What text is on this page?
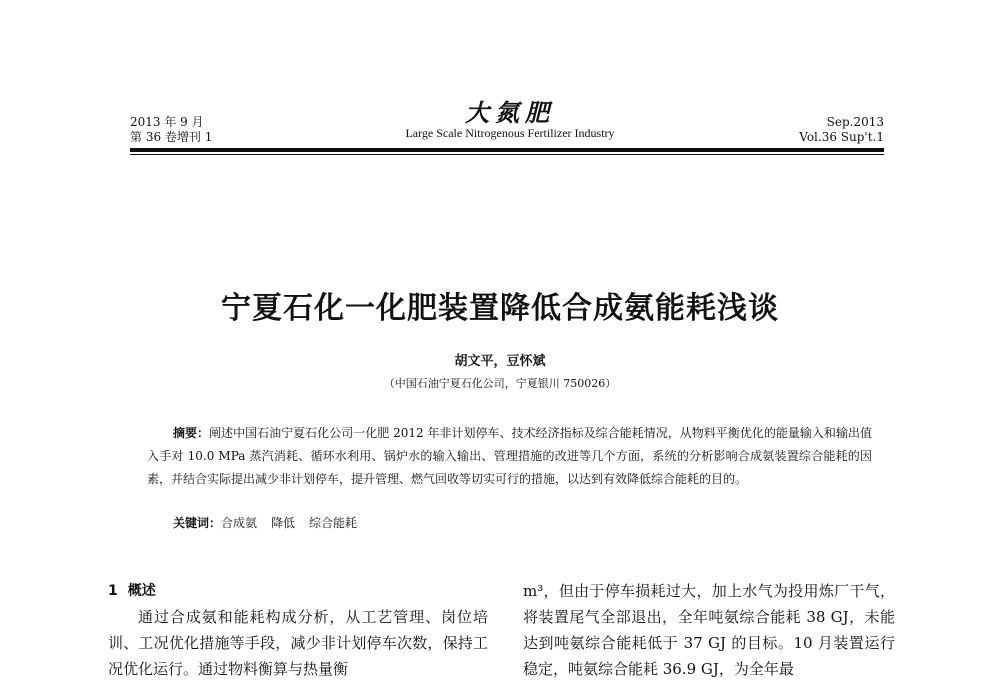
2013 年 9 月
第 36 卷增刊 1
大氮肥
Large Scale Nitrogenous Fertilizer Industry
Sep.2013
Vol.36 Sup't.1
宁夏石化一化肥装置降低合成氨能耗浅谈
胡文平，豆怀斌
（中国石油宁夏石化公司，宁夏银川 750026）

摘要：阐述中国石油宁夏石化公司一化肥 2012 年非计划停车、技术经济指标及综合能耗情况，从物料平衡优化的能量输入和输出值入手对 10.0 MPa 蒸汽消耗、循环水利用、锅炉水的输入输出、管理措施的改进等几个方面，系统的分析影响合成氨装置综合能耗的因素，并结合实际提出减少非计划停车，提升管理、燃气回收等切实可行的措施，以达到有效降低综合能耗的目的。

关键词：合成氨 降低 综合能耗
1 概述

通过合成氨和能耗构成分析，从工艺管理、岗位培训、工况优化措施等手段，减少非计划停车次数，保持工况优化运行。通过物料衡算与热量衡

m³，但由于停车损耗过大，加上水气为投用炼厂干气，将装置尾气全部退出，全年吨氨综合能耗 38 GJ，未能达到吨氨综合能耗低于 37 GJ 的目标。10 月装置运行稳定，吨氨综合能耗 36.9 GJ，为全年最
